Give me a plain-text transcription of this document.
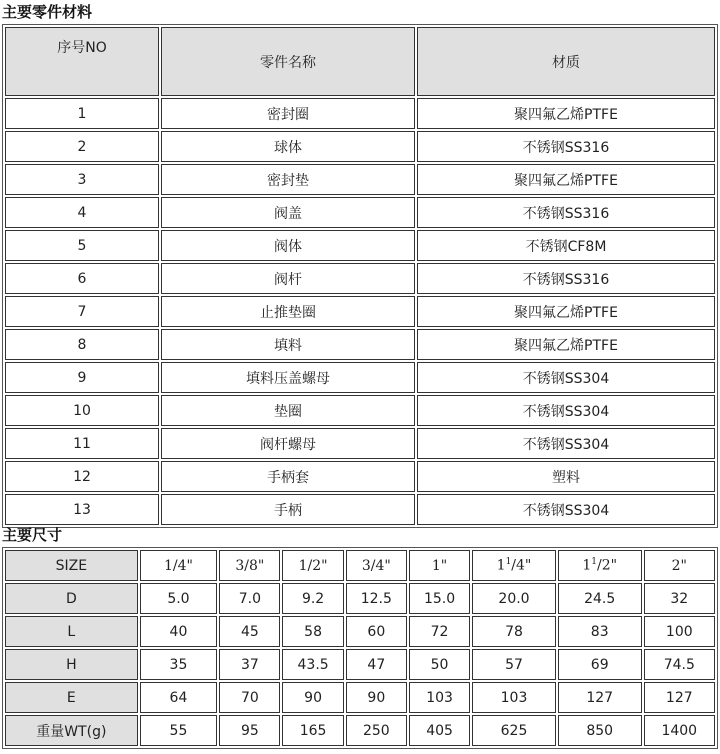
主要零件材料
序号NO	零件名称	材质
1	密封圈	聚四氟乙烯PTFE
2	球体	不锈钢SS316
3	密封垫	聚四氟乙烯PTFE
4	阀盖	不锈钢SS316
5	阀体	不锈钢CF8M
6	阀杆	不锈钢SS316
7	止推垫圈	聚四氟乙烯PTFE
8	填料	聚四氟乙烯PTFE
9	填料压盖螺母	不锈钢SS304
10	垫圈	不锈钢SS304
11	阀杆螺母	不锈钢SS304
12	手柄套	塑料
13	手柄	不锈钢SS304
主要尺寸
SIZE	1/4"	3/8"	1/2"	3/4"	1"	$1^1/4$"	$1^1/2$"	2"
D	5.0	7.0	9.2	12.5	15.0	20.0	24.5	32
L	40	45	58	60	72	78	83	100
H	35	37	43.5	47	50	57	69	74.5
E	64	70	90	90	103	103	127	127
重量WT(g)	55	95	165	250	405	625	850	1400
